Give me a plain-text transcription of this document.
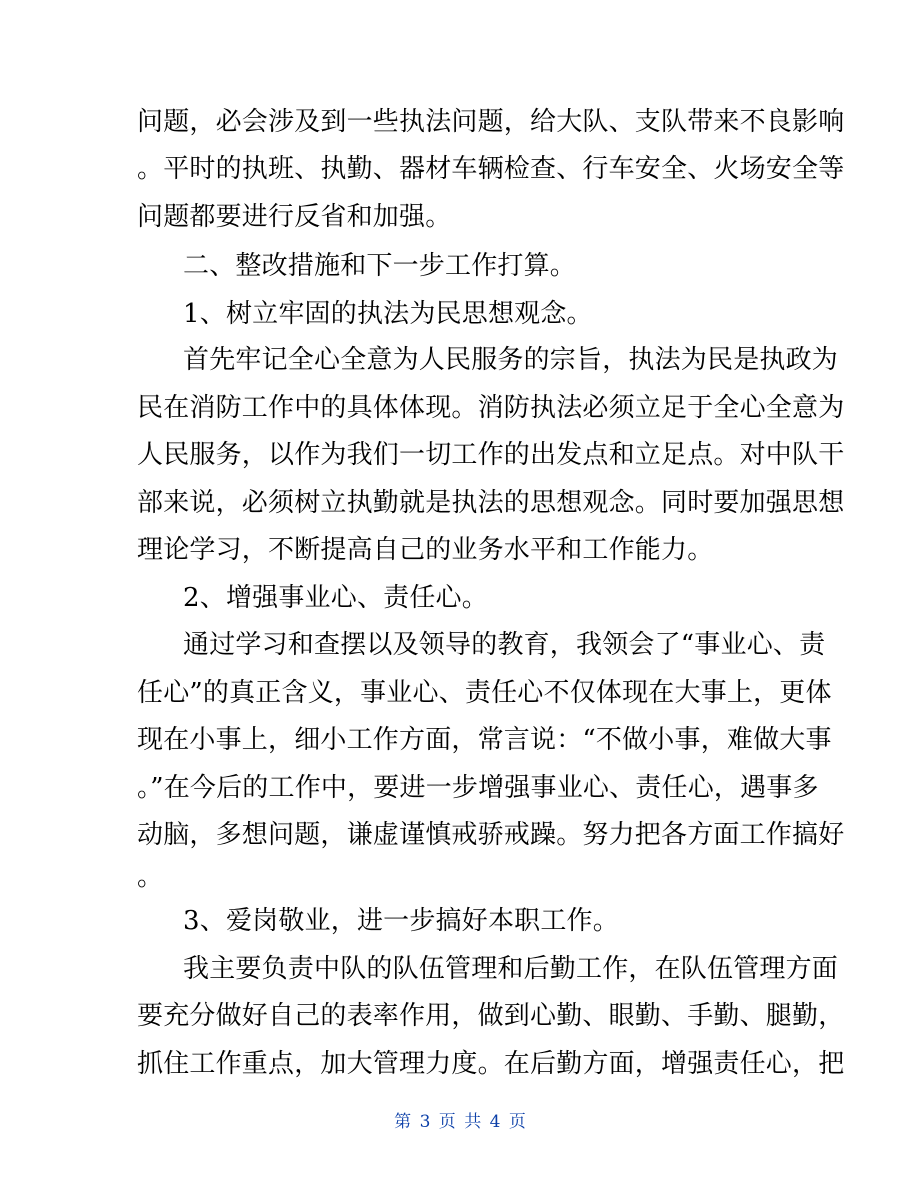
问题，必会涉及到一些执法问题，给大队、支队带来不良影响
。平时的执班、执勤、器材车辆检查、行车安全、火场安全等
问题都要进行反省和加强。
二、整改措施和下一步工作打算。
1、树立牢固的执法为民思想观念。
首先牢记全心全意为人民服务的宗旨，执法为民是执政为
民在消防工作中的具体体现。消防执法必须立足于全心全意为
人民服务，以作为我们一切工作的出发点和立足点。对中队干
部来说，必须树立执勤就是执法的思想观念。同时要加强思想
理论学习，不断提高自己的业务水平和工作能力。
2、增强事业心、责任心。
通过学习和查摆以及领导的教育，我领会了“事业心、责
任心”的真正含义，事业心、责任心不仅体现在大事上，更体
现在小事上，细小工作方面，常言说：“不做小事，难做大事
。”在今后的工作中，要进一步增强事业心、责任心，遇事多
动脑，多想问题，谦虚谨慎戒骄戒躁。努力把各方面工作搞好
。
3、爱岗敬业，进一步搞好本职工作。
我主要负责中队的队伍管理和后勤工作，在队伍管理方面
要充分做好自己的表率作用，做到心勤、眼勤、手勤、腿勤，
抓住工作重点，加大管理力度。在后勤方面，增强责任心，把
第 3 页 共 4 页
